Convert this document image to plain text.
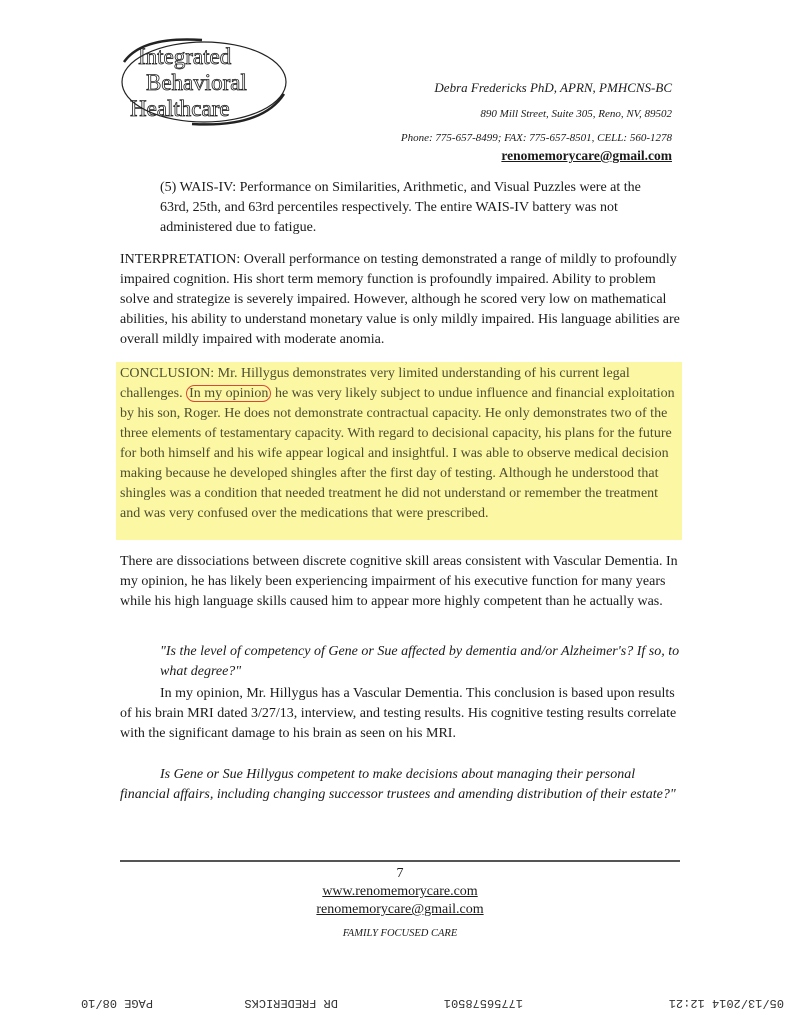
Integrated
Behavioral
Healthcare
Debra Fredericks PhD, APRN, PMHCNS-BC
890 Mill Street, Suite 305, Reno, NV, 89502
Phone: 775-657-8499; FAX: 775-657-8501, CELL: 560-1278
renomemorycare@gmail.com
(5) WAIS-IV: Performance on Similarities, Arithmetic, and Visual Puzzles were at the 63rd, 25th, and 63rd percentiles respectively. The entire WAIS-IV battery was not administered due to fatigue.
INTERPRETATION: Overall performance on testing demonstrated a range of mildly to profoundly impaired cognition. His short term memory function is profoundly impaired. Ability to problem solve and strategize is severely impaired. However, although he scored very low on mathematical abilities, his ability to understand monetary value is only mildly impaired. His language abilities are overall mildly impaired with moderate anomia.
CONCLUSION: Mr. Hillygus demonstrates very limited understanding of his current legal challenges. In my opinion he was very likely subject to undue influence and financial exploitation by his son, Roger. He does not demonstrate contractual capacity. He only demonstrates two of the three elements of testamentary capacity. With regard to decisional capacity, his plans for the future for both himself and his wife appear logical and insightful. I was able to observe medical decision making because he developed shingles after the first day of testing. Although he understood that shingles was a condition that needed treatment he did not understand or remember the treatment and was very confused over the medications that were prescribed.
There are dissociations between discrete cognitive skill areas consistent with Vascular Dementia. In my opinion, he has likely been experiencing impairment of his executive function for many years while his high language skills caused him to appear more highly competent than he actually was.
"Is the level of competency of Gene or Sue affected by dementia and/or Alzheimer's? If so, to what degree?"
In my opinion, Mr. Hillygus has a Vascular Dementia. This conclusion is based upon results of his brain MRI dated 3/27/13, interview, and testing results. His cognitive testing results correlate with the significant damage to his brain as seen on his MRI.
Is Gene or Sue Hillygus competent to make decisions about managing their personal financial affairs, including changing successor trustees and amending distribution of their estate?"
7
www.renomemorycare.com
renomemorycare@gmail.com
FAMILY FOCUSED CARE
05/13/2014 12:21
17756578501
DR FREDERICKS
PAGE 08/10
